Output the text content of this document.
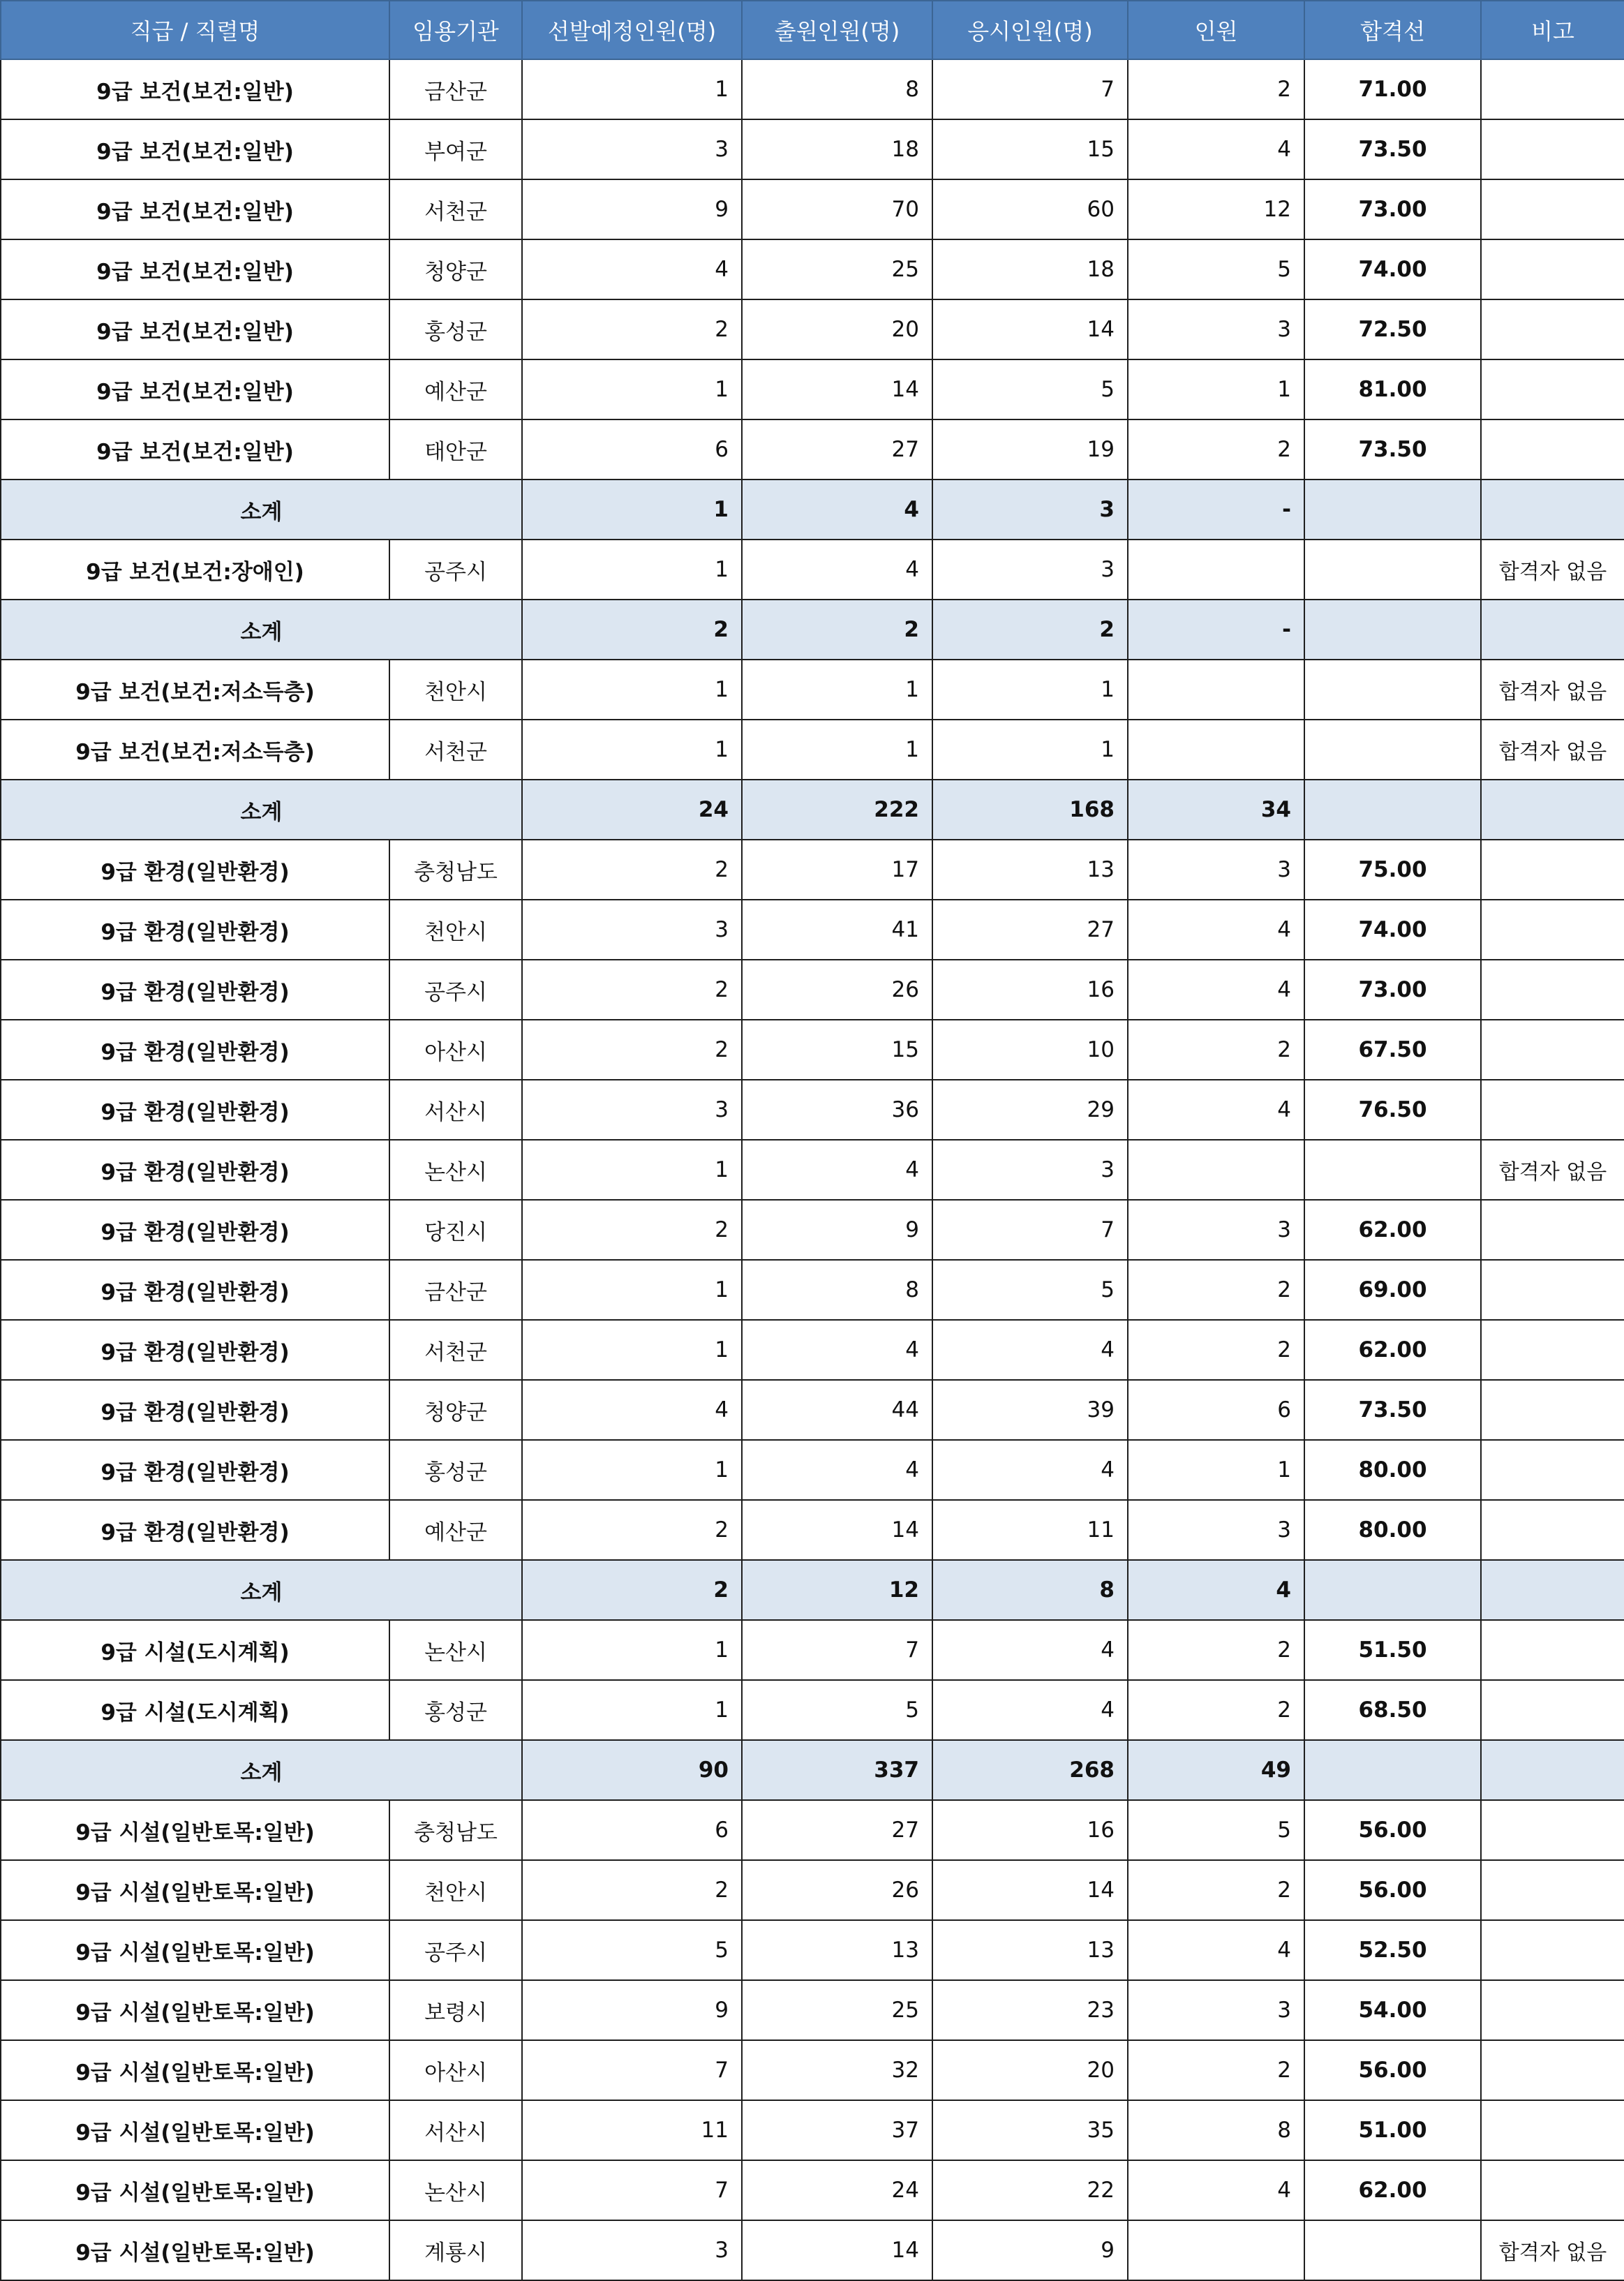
직급 / 직렬명	임용기관	선발예정인원(명)	출원인원(명)	응시인원(명)	인원	합격선	비고
9급 보건(보건:일반)	금산군	1	8	7	2	71.00	
9급 보건(보건:일반)	부여군	3	18	15	4	73.50	
9급 보건(보건:일반)	서천군	9	70	60	12	73.00	
9급 보건(보건:일반)	청양군	4	25	18	5	74.00	
9급 보건(보건:일반)	홍성군	2	20	14	3	72.50	
9급 보건(보건:일반)	예산군	1	14	5	1	81.00	
9급 보건(보건:일반)	태안군	6	27	19	2	73.50	
소계		1	4	3	-		
9급 보건(보건:장애인)	공주시	1	4	3			합격자 없음
소계		2	2	2	-		
9급 보건(보건:저소득층)	천안시	1	1	1			합격자 없음
9급 보건(보건:저소득층)	서천군	1	1	1			합격자 없음
소계		24	222	168	34		
9급 환경(일반환경)	충청남도	2	17	13	3	75.00	
9급 환경(일반환경)	천안시	3	41	27	4	74.00	
9급 환경(일반환경)	공주시	2	26	16	4	73.00	
9급 환경(일반환경)	아산시	2	15	10	2	67.50	
9급 환경(일반환경)	서산시	3	36	29	4	76.50	
9급 환경(일반환경)	논산시	1	4	3			합격자 없음
9급 환경(일반환경)	당진시	2	9	7	3	62.00	
9급 환경(일반환경)	금산군	1	8	5	2	69.00	
9급 환경(일반환경)	서천군	1	4	4	2	62.00	
9급 환경(일반환경)	청양군	4	44	39	6	73.50	
9급 환경(일반환경)	홍성군	1	4	4	1	80.00	
9급 환경(일반환경)	예산군	2	14	11	3	80.00	
소계		2	12	8	4		
9급 시설(도시계획)	논산시	1	7	4	2	51.50	
9급 시설(도시계획)	홍성군	1	5	4	2	68.50	
소계		90	337	268	49		
9급 시설(일반토목:일반)	충청남도	6	27	16	5	56.00	
9급 시설(일반토목:일반)	천안시	2	26	14	2	56.00	
9급 시설(일반토목:일반)	공주시	5	13	13	4	52.50	
9급 시설(일반토목:일반)	보령시	9	25	23	3	54.00	
9급 시설(일반토목:일반)	아산시	7	32	20	2	56.00	
9급 시설(일반토목:일반)	서산시	11	37	35	8	51.00	
9급 시설(일반토목:일반)	논산시	7	24	22	4	62.00	
9급 시설(일반토목:일반)	계룡시	3	14	9			합격자 없음
